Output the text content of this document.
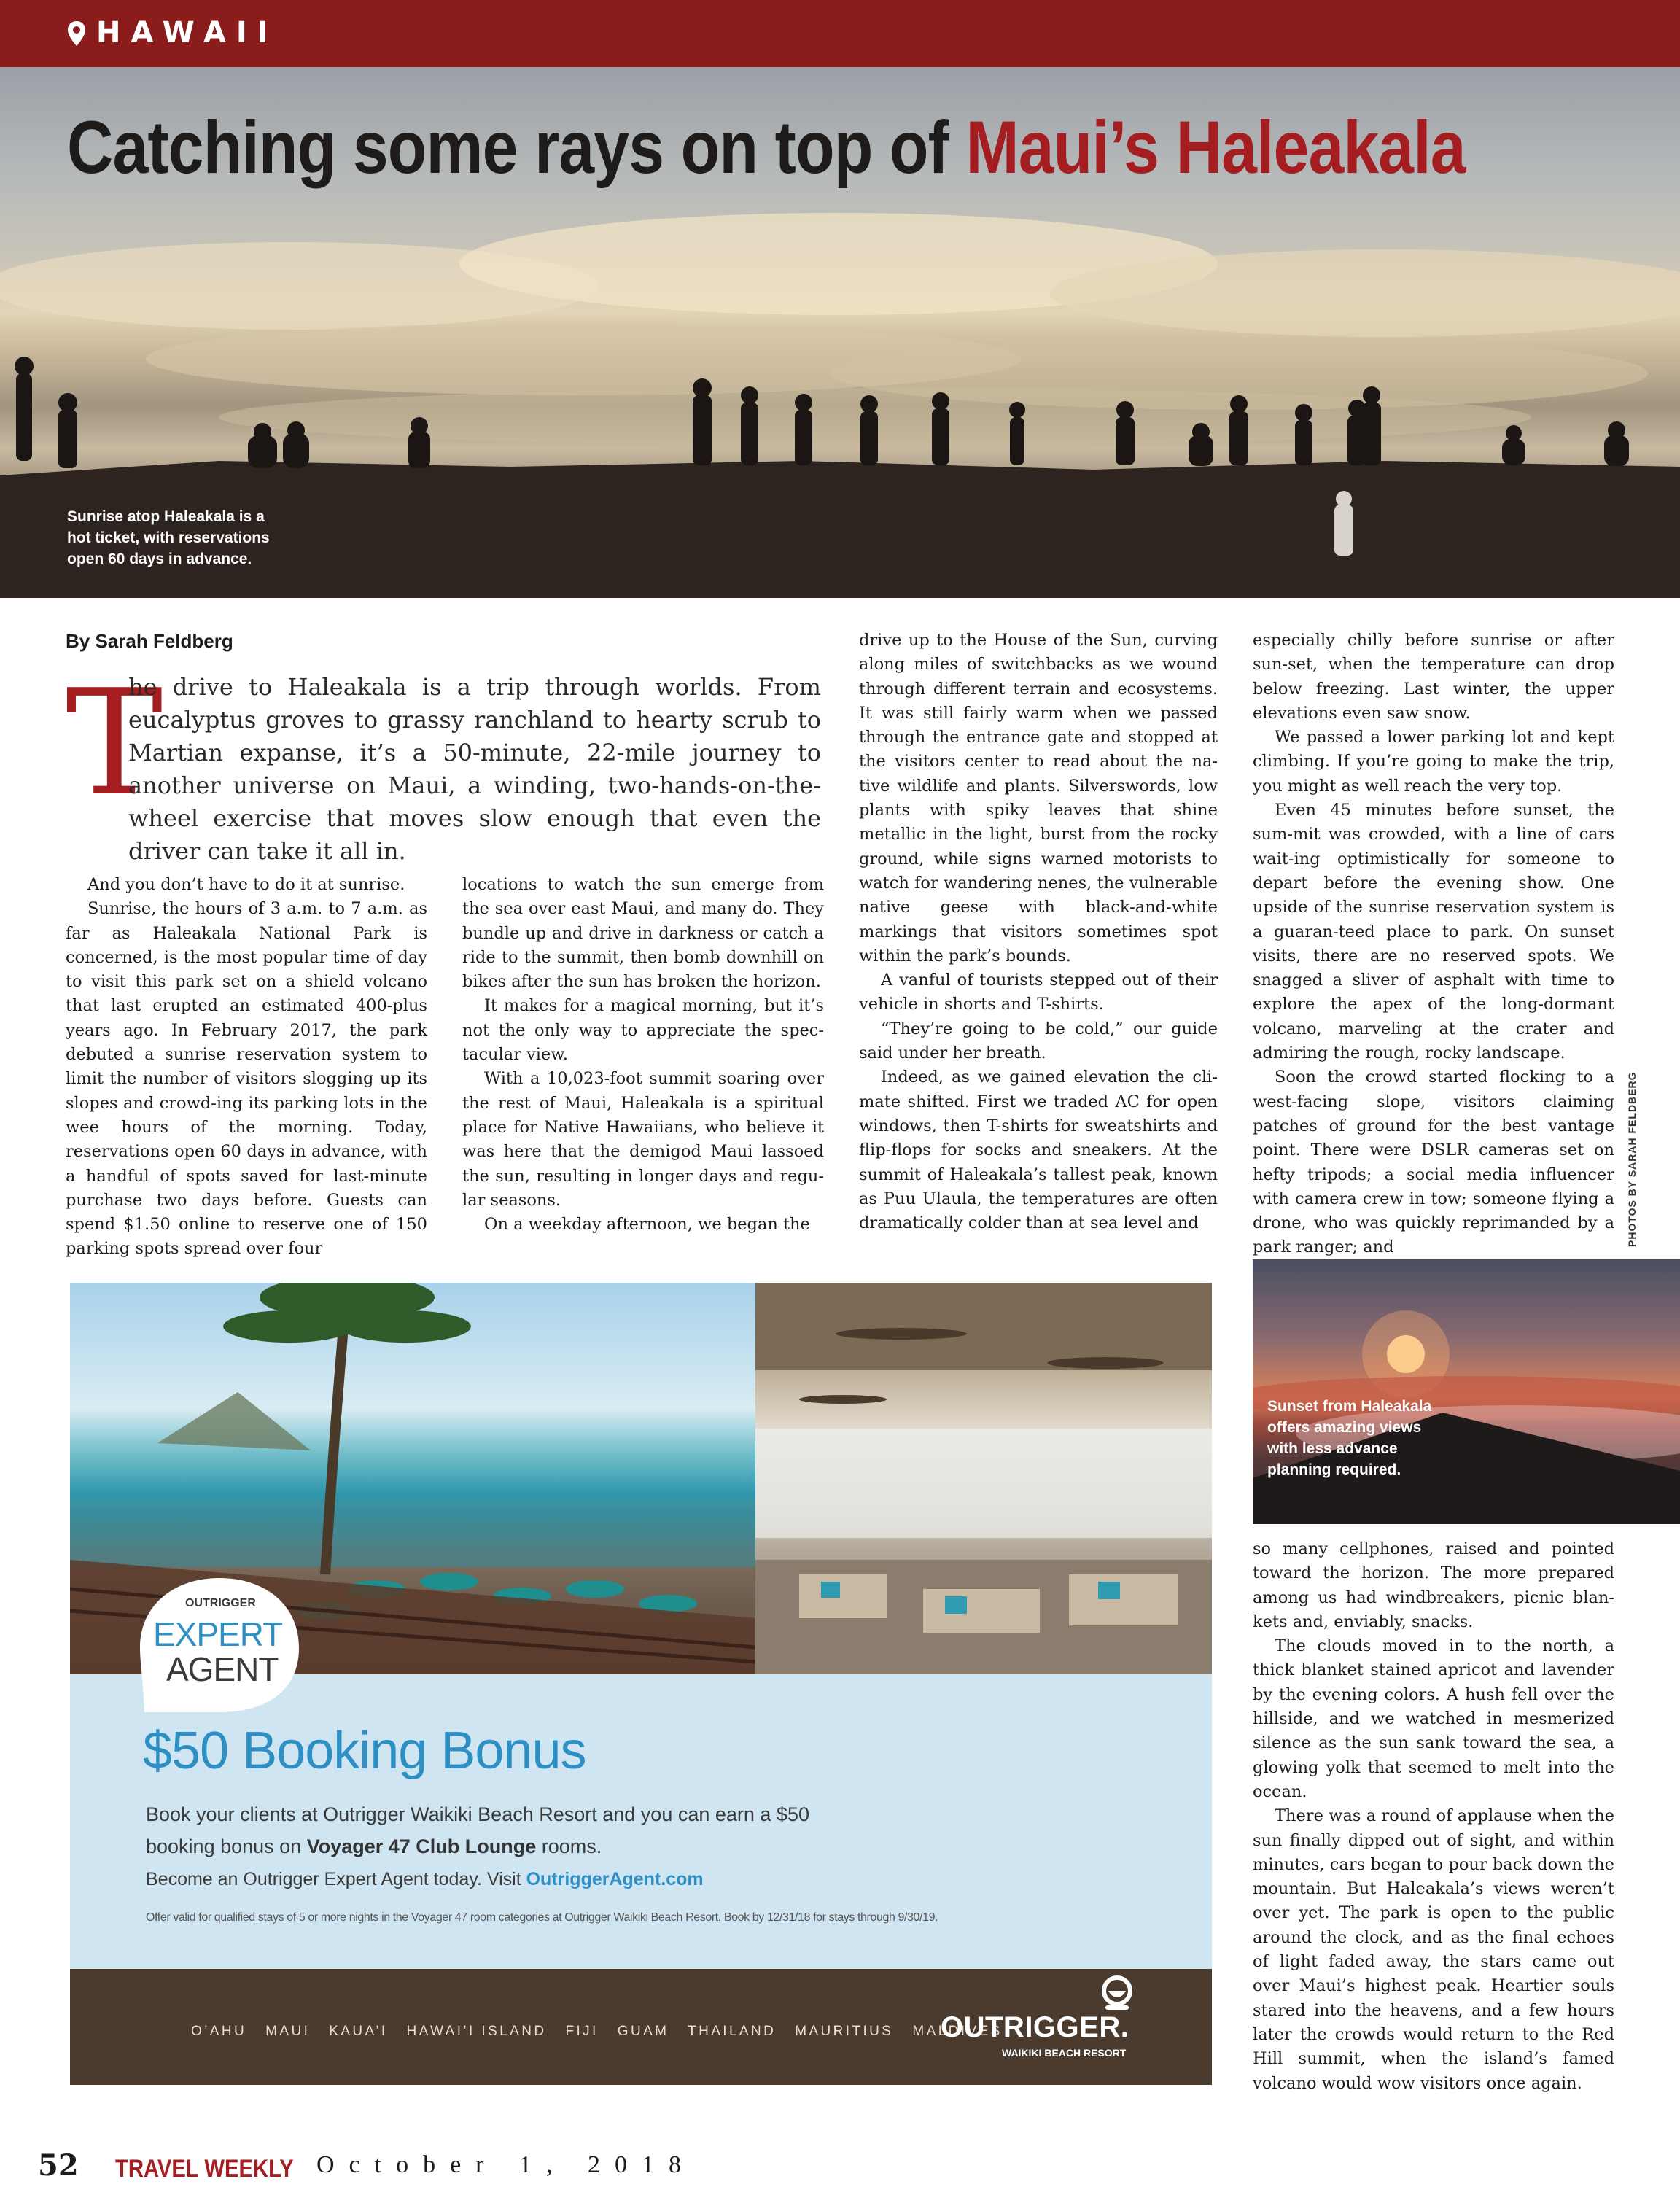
HAWAII
Catching some rays on top of Maui’s Haleakala
Sunrise atop Haleakala is a hot ticket, with reservations open 60 days in advance.
By Sarah Feldberg
T
he drive to Haleakala is a trip through worlds. From eucalyptus groves to grassy ranchland to hearty scrub to Martian expanse, it’s a 50-minute, 22-mile journey to another universe on Maui, a winding, two-hands-on-the-wheel exercise that moves slow enough that even the driver can take it all in.

And you don’t have to do it at sunrise.

Sunrise, the hours of 3 a.m. to 7 a.m. as far as Haleakala National Park is concerned, is the most popular time of day to visit this park set on a shield volcano that last erupted an estimated 400-plus years ago. In February 2017, the park debuted a sunrise reservation system to limit the number of visitors slogging up its slopes and crowd-ing its parking lots in the wee hours of the morning. Today, reservations open 60 days in advance, with a handful of spots saved for last-minute purchase two days before. Guests can spend $1.50 online to reserve one of 150 parking spots spread over four

locations to watch the sun emerge from the sea over east Maui, and many do. They bundle up and drive in darkness or catch a ride to the summit, then bomb downhill on bikes after the sun has broken the horizon.

It makes for a magical morning, but it’s not the only way to appreciate the spec-tacular view.

With a 10,023-foot summit soaring over the rest of Maui, Haleakala is a spiritual place for Native Hawaiians, who believe it was here that the demigod Maui lassoed the sun, resulting in longer days and regu-lar seasons.

On a weekday afternoon, we began the

drive up to the House of the Sun, curving along miles of switchbacks as we wound through different terrain and ecosystems. It was still fairly warm when we passed through the entrance gate and stopped at the visitors center to read about the na-tive wildlife and plants. Silverswords, low plants with spiky leaves that shine metallic in the light, burst from the rocky ground, while signs warned motorists to watch for wandering nenes, the vulnerable native geese with black-and-white markings that visitors sometimes spot within the park’s bounds.

A vanful of tourists stepped out of their vehicle in shorts and T-shirts.

“They’re going to be cold,” our guide said under her breath.

Indeed, as we gained elevation the cli-mate shifted. First we traded AC for open windows, then T-shirts for sweatshirts and flip-flops for socks and sneakers. At the summit of Haleakala’s tallest peak, known as Puu Ulaula, the temperatures are often dramatically colder than at sea level and

especially chilly before sunrise or after sun-set, when the temperature can drop below freezing. Last winter, the upper elevations even saw snow.

We passed a lower parking lot and kept climbing. If you’re going to make the trip, you might as well reach the very top.

Even 45 minutes before sunset, the sum-mit was crowded, with a line of cars wait-ing optimistically for someone to depart before the evening show. One upside of the sunrise reservation system is a guaran-teed place to park. On sunset visits, there are no reserved spots. We snagged a sliver of asphalt with time to explore the apex of the long-dormant volcano, marveling at the crater and admiring the rough, rocky landscape.

Soon the crowd started flocking to a west-facing slope, visitors claiming patches of ground for the best vantage point. There were DSLR cameras set on hefty tripods; a social media influencer with camera crew in tow; someone flying a drone, who was quickly reprimanded by a park ranger; and

PHOTOS BY SARAH FELDBERG
Sunset from Haleakala offers amazing views with less advance planning required.

so many cellphones, raised and pointed toward the horizon. The more prepared among us had windbreakers, picnic blan-kets and, enviably, snacks.

The clouds moved in to the north, a thick blanket stained apricot and lavender by the evening colors. A hush fell over the hillside, and we watched in mesmerized silence as the sun sank toward the sea, a glowing yolk that seemed to melt into the ocean.

There was a round of applause when the sun finally dipped out of sight, and within minutes, cars began to pour back down the mountain. But Haleakala’s views weren’t over yet. The park is open to the public around the clock, and as the final echoes of light faded away, the stars came out over Maui’s highest peak. Heartier souls stared into the heavens, and a few hours later the crowds would return to the Red Hill summit, when the island’s famed volcano would wow visitors once again.

OUTRIGGER
EXPERT
AGENT
$50 Booking Bonus
Book your clients at Outrigger Waikiki Beach Resort and you can earn a $50 booking bonus on Voyager 47 Club Lounge rooms.
Become an Outrigger Expert Agent today. Visit OutriggerAgent.com
Offer valid for qualified stays of 5 or more nights in the Voyager 47 room categories at Outrigger Waikiki Beach Resort. Book by 12/31/18 for stays through 9/30/19.
O’AHU   MAUI   KAUA’I   HAWAI’I ISLAND   FIJI   GUAM   THAILAND   MAURITIUS   MALDIVES
OUTRIGGER.
WAIKIKI BEACH RESORT
52 TRAVEL WEEKLY October 1, 2018
